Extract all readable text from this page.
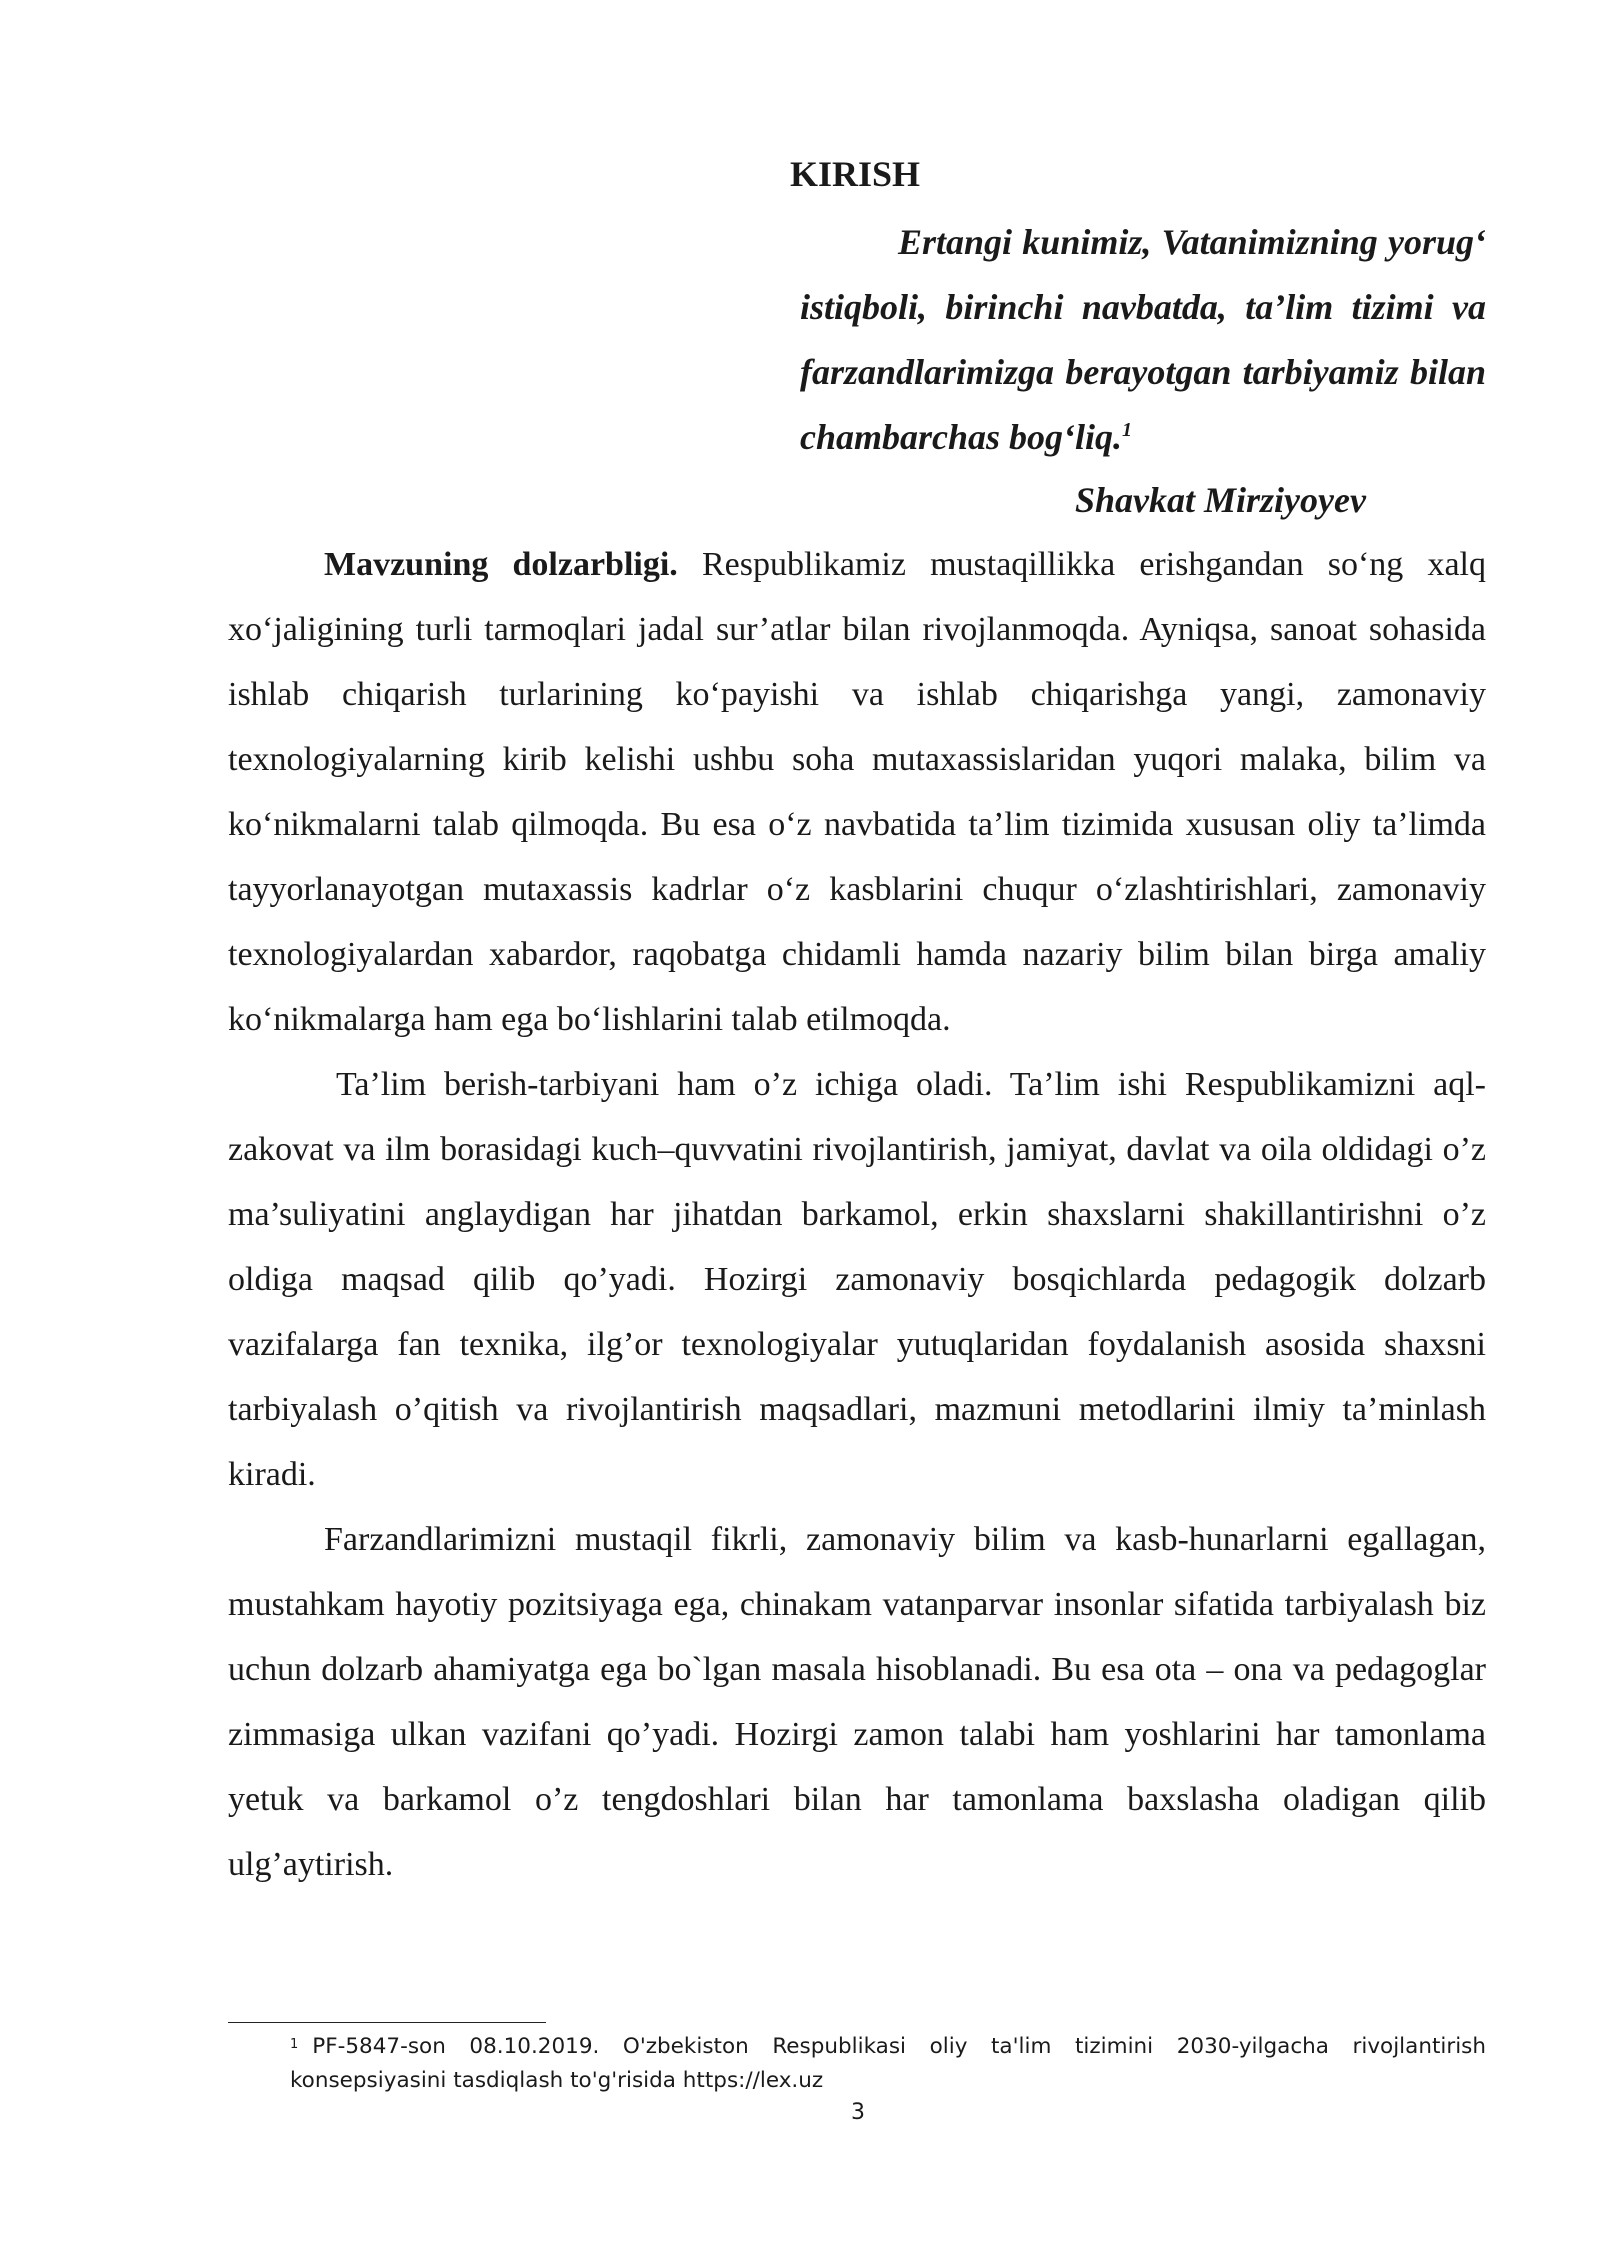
KIRISH

Ertangi kunimiz, Vatanimizning yorug‘ istiqboli, birinchi navbatda, ta’lim tizimi va farzandlarimizga berayotgan tarbiyamiz bilan chambarchas bog‘liq.$^1$

Shavkat Mirziyoyev

Mavzuning dolzarbligi. Respublikamiz mustaqillikka erishgandan so‘ng xalq xo‘jaligining turli tarmoqlari jadal sur’atlar bilan rivojlanmoqda. Ayniqsa, sanoat sohasida ishlab chiqarish turlarining ko‘payishi va ishlab chiqarishga yangi, zamonaviy texnologiyalarning kirib kelishi ushbu soha mutaxassislaridan yuqori malaka, bilim va ko‘nikmalarni talab qilmoqda. Bu esa o‘z navbatida ta’lim tizimida xususan oliy ta’limda tayyorlanayotgan mutaxassis kadrlar o‘z kasblarini chuqur o‘zlashtirishlari, zamonaviy texnologiyalardan xabardor, raqobatga chidamli hamda nazariy bilim bilan birga amaliy ko‘nikmalarga ham ega bo‘lishlarini talab etilmoqda.

Ta’lim berish-tarbiyani ham o’z ichiga oladi. Ta’lim ishi Respublikamizni aql-zakovat va ilm borasidagi kuch–quvvatini rivojlantirish, jamiyat, davlat va oila oldidagi o’z ma’suliyatini anglaydigan har jihatdan barkamol, erkin shaxslarni shakillantirishni o’z oldiga maqsad qilib qo’yadi. Hozirgi zamonaviy bosqichlarda pedagogik dolzarb vazifalarga fan texnika, ilg’or texnologiyalar yutuqlaridan foydalanish asosida shaxsni tarbiyalash o’qitish va rivojlantirish maqsadlari, mazmuni metodlarini ilmiy ta’minlash kiradi.

Farzandlarimizni mustaqil fikrli, zamonaviy bilim va kasb-hunarlarni egallagan, mustahkam hayotiy pozitsiyaga ega, chinakam vatanparvar insonlar sifatida tarbiyalash biz uchun dolzarb ahamiyatga ega bo`lgan masala hisoblanadi. Bu esa ota – ona va pedagoglar zimmasiga ulkan vazifani qo’yadi. Hozirgi zamon talabi ham yoshlarini har tamonlama yetuk va barkamol o’z tengdoshlari bilan har tamonlama baxslasha oladigan qilib ulg’aytirish.

$^1$ PF-5847-son 08.10.2019. O'zbekiston Respublikasi oliy ta'lim tizimini 2030-yilgacha rivojlantirish konsepsiyasini tasdiqlash to'g'risida https://lex.uz

3
